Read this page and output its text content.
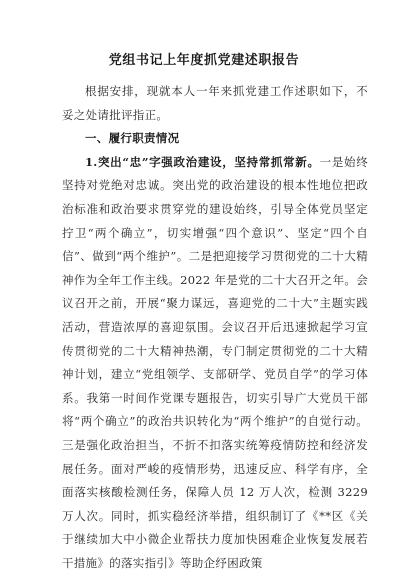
党组书记上年度抓党建述职报告

根据安排，现就本人一年来抓党建工作述职如下，不妥之处请批评指正。

一、履行职责情况

1.突出“忠”字强政治建设，坚持常抓常新。一是始终坚持对党绝对忠诚。突出党的政治建设的根本性地位把政治标准和政治要求贯穿党的建设始终，引导全体党员坚定拧卫“两个确立”，切实增强“四个意识”、坚定“四个自信”、做到“两个维护”。二是把迎接学习贯彻党的二十大精神作为全年工作主线。2022 年是党的二十大召开之年。会议召开之前，开展“聚力谋远，喜迎党的二十大”主题实践活动，营造浓厚的喜迎氛围。会议召开后迅速掀起学习宣传贯彻党的二十大精神热潮，专门制定贯彻党的二十大精神计划，建立“党组领学、支部研学、党员自学”的学习体系。我第一时间作党课专题报告，切实引导广大党员干部将“两个确立”的政治共识转化为“两个维护”的自觉行动。三是强化政治担当，不折不扣落实统筹疫情防控和经济发展任务。面对严峻的疫情形势，迅速反应、科学有序，全面落实核酸检测任务，保障人员 12 万人次，检测 3229 万人次。同时，抓实稳经济举措，组织制订了《**区《关于继续加大中小微企业帮扶力度加快困难企业恢复发展若干措施》的落实指引》等助企纾困政策
